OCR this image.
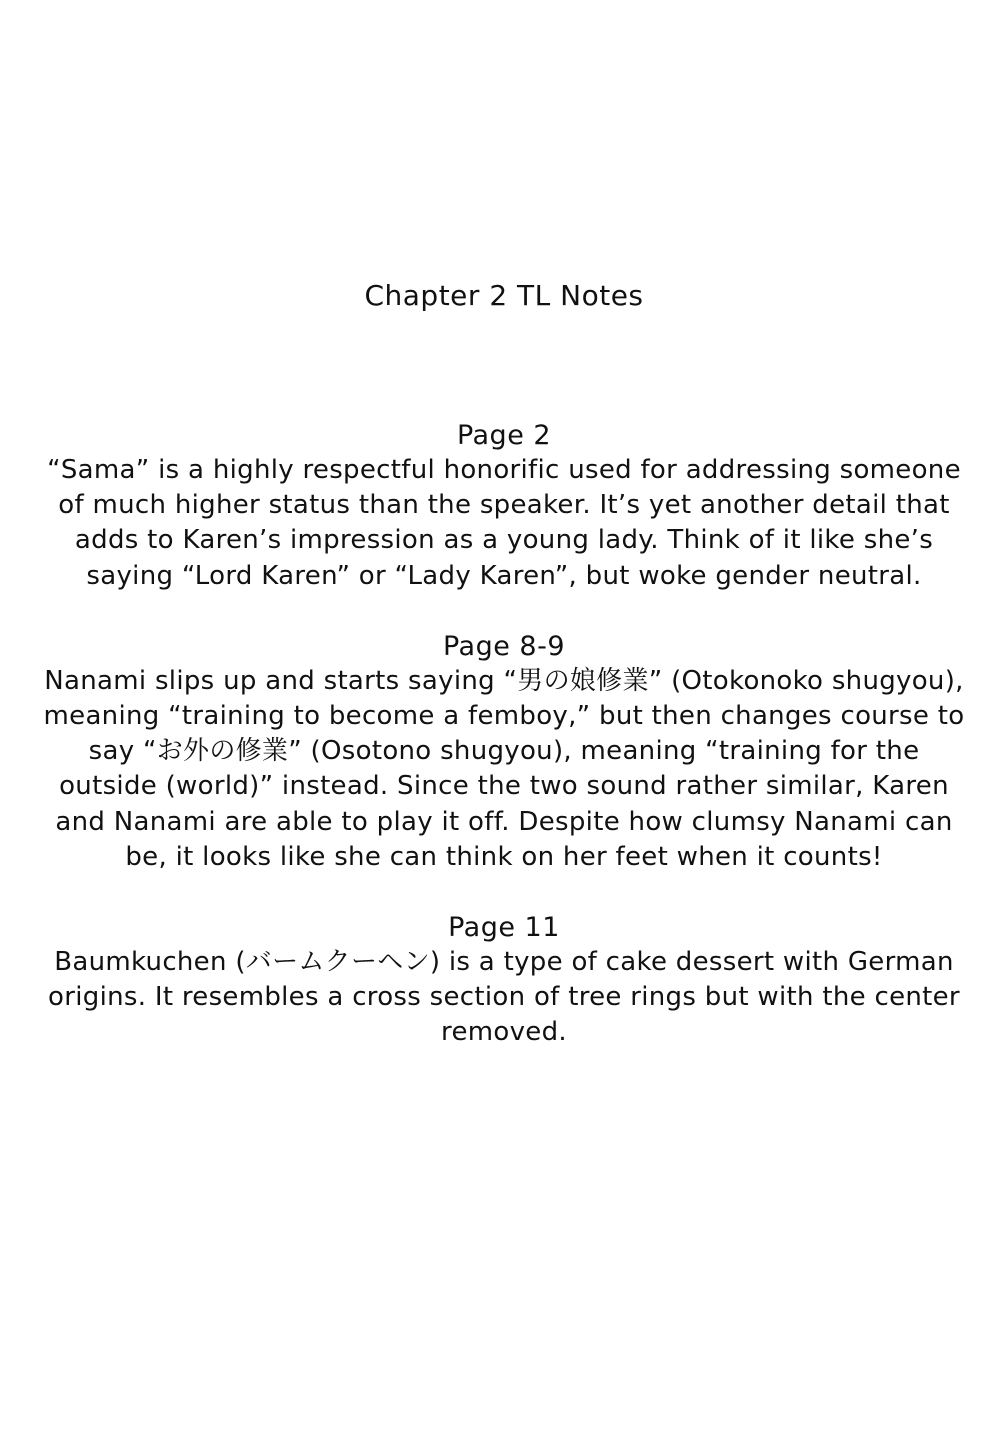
Chapter 2 TL Notes
Page 2
“Sama” is a highly respectful honorific used for addressing someone of much higher status than the speaker. It’s yet another detail that adds to Karen’s impression as a young lady. Think of it like she’s saying “Lord Karen” or “Lady Karen”, but woke gender neutral.
Page 8-9
Nanami slips up and starts saying “男の娘修業” (Otokonoko shugyou), meaning “training to become a femboy,” but then changes course to say “お外の修業” (Osotono shugyou), meaning “training for the outside (world)” instead. Since the two sound rather similar, Karen and Nanami are able to play it off. Despite how clumsy Nanami can be, it looks like she can think on her feet when it counts!
Page 11
Baumkuchen (バームクーヘン) is a type of cake dessert with German origins. It resembles a cross section of tree rings but with the center removed.
